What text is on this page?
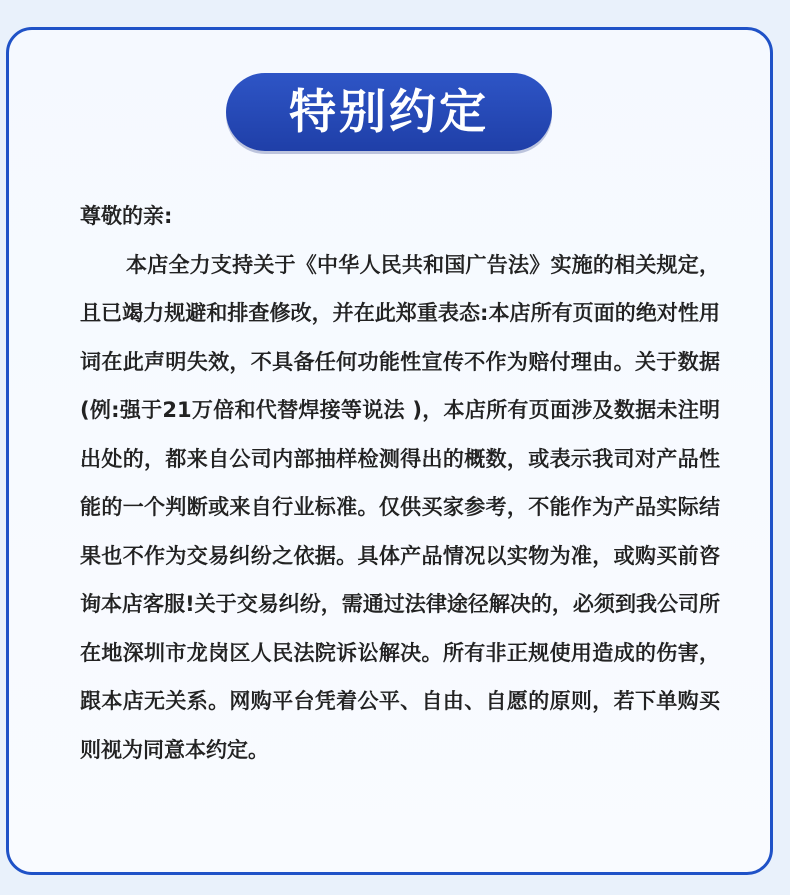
特别约定
尊敬的亲:
本店全力支持关于《中华人民共和国广告法》实施的相关规定，且已竭力规避和排查修改，并在此郑重表态:本店所有页面的绝对性用词在此声明失效，不具备任何功能性宣传不作为赔付理由。关于数据(例:强于21万倍和代替焊接等说法 )，本店所有页面涉及数据未注明出处的，都来自公司内部抽样检测得出的概数，或表示我司对产品性能的一个判断或来自行业标准。仅供买家参考，不能作为产品实际结果也不作为交易纠纷之依据。具体产品情况以实物为准，或购买前咨询本店客服!关于交易纠纷，需通过法律途径解决的，必须到我公司所在地深圳市龙岗区人民法院诉讼解决。所有非正规使用造成的伤害，跟本店无关系。网购平台凭着公平、自由、自愿的原则，若下单购买则视为同意本约定。
